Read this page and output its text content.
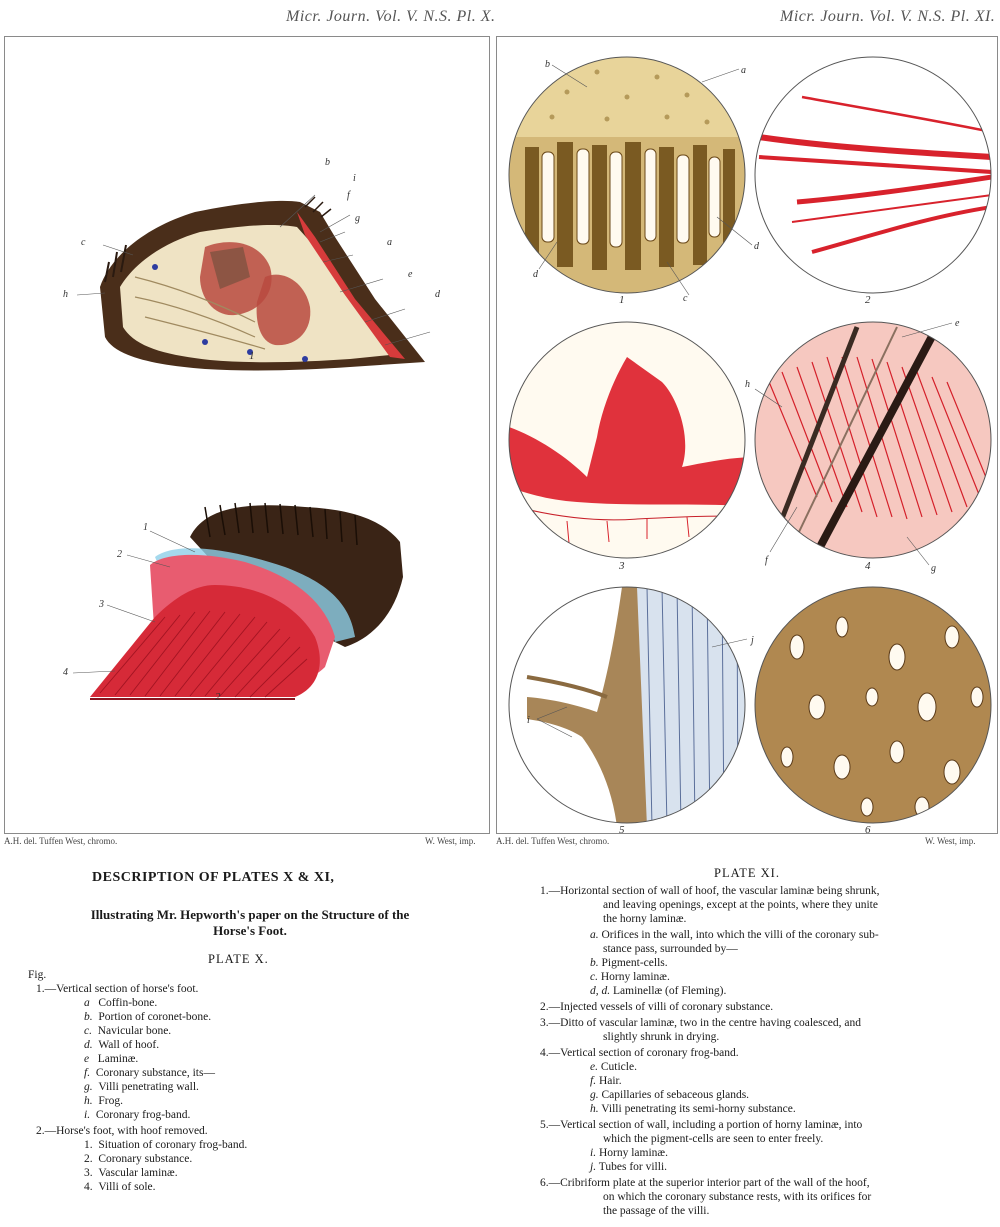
Micr. Journ. Vol. V. N.S. Pl. X.
b
i
f
g
c	a
e
h	d
1
1
2
3
4
2
A.H. del. Tuffen West, chromo.	W. West, imp.
Micr. Journ. Vol. V. N.S. Pl. XI.
b
a
d
d
c
1	2
3
e
h
f
g
4
i
j
5	6
A.H. del. Tuffen West, chromo.	W. West, imp.
DESCRIPTION OF PLATES X & XI,
Illustrating Mr. Hepworth's paper on the Structure of the
Horse's Foot.
PLATE X.
Fig.
1.—Vertical section of horse's foot.
a Coffin-bone.
b. Portion of coronet-bone.
c. Navicular bone.
d. Wall of hoof.
e Laminæ.
f. Coronary substance, its—
g. Villi penetrating wall.
h. Frog.
i. Coronary frog-band.
2.—Horse's foot, with hoof removed.
1. Situation of coronary frog-band.
2. Coronary substance.
3. Vascular laminæ.
4. Villi of sole.
PLATE XI.
1.—Horizontal section of wall of hoof, the vascular laminæ being shrunk,
and leaving openings, except at the points, where they unite
the horny laminæ.
a. Orifices in the wall, into which the villi of the coronary sub-
stance pass, surrounded by—
b. Pigment-cells.
c. Horny laminæ.
d, d. Laminellæ (of Fleming).
2.—Injected vessels of villi of coronary substance.
3.—Ditto of vascular laminæ, two in the centre having coalesced, and
slightly shrunk in drying.
4.—Vertical section of coronary frog-band.
e. Cuticle.
f. Hair.
g. Capillaries of sebaceous glands.
h. Villi penetrating its semi-horny substance.
5.—Vertical section of wall, including a portion of horny laminæ, into
which the pigment-cells are seen to enter freely.
i. Horny laminæ.
j. Tubes for villi.
6.—Cribriform plate at the superior interior part of the wall of the hoof,
on which the coronary substance rests, with its orifices for
the passage of the villi.
